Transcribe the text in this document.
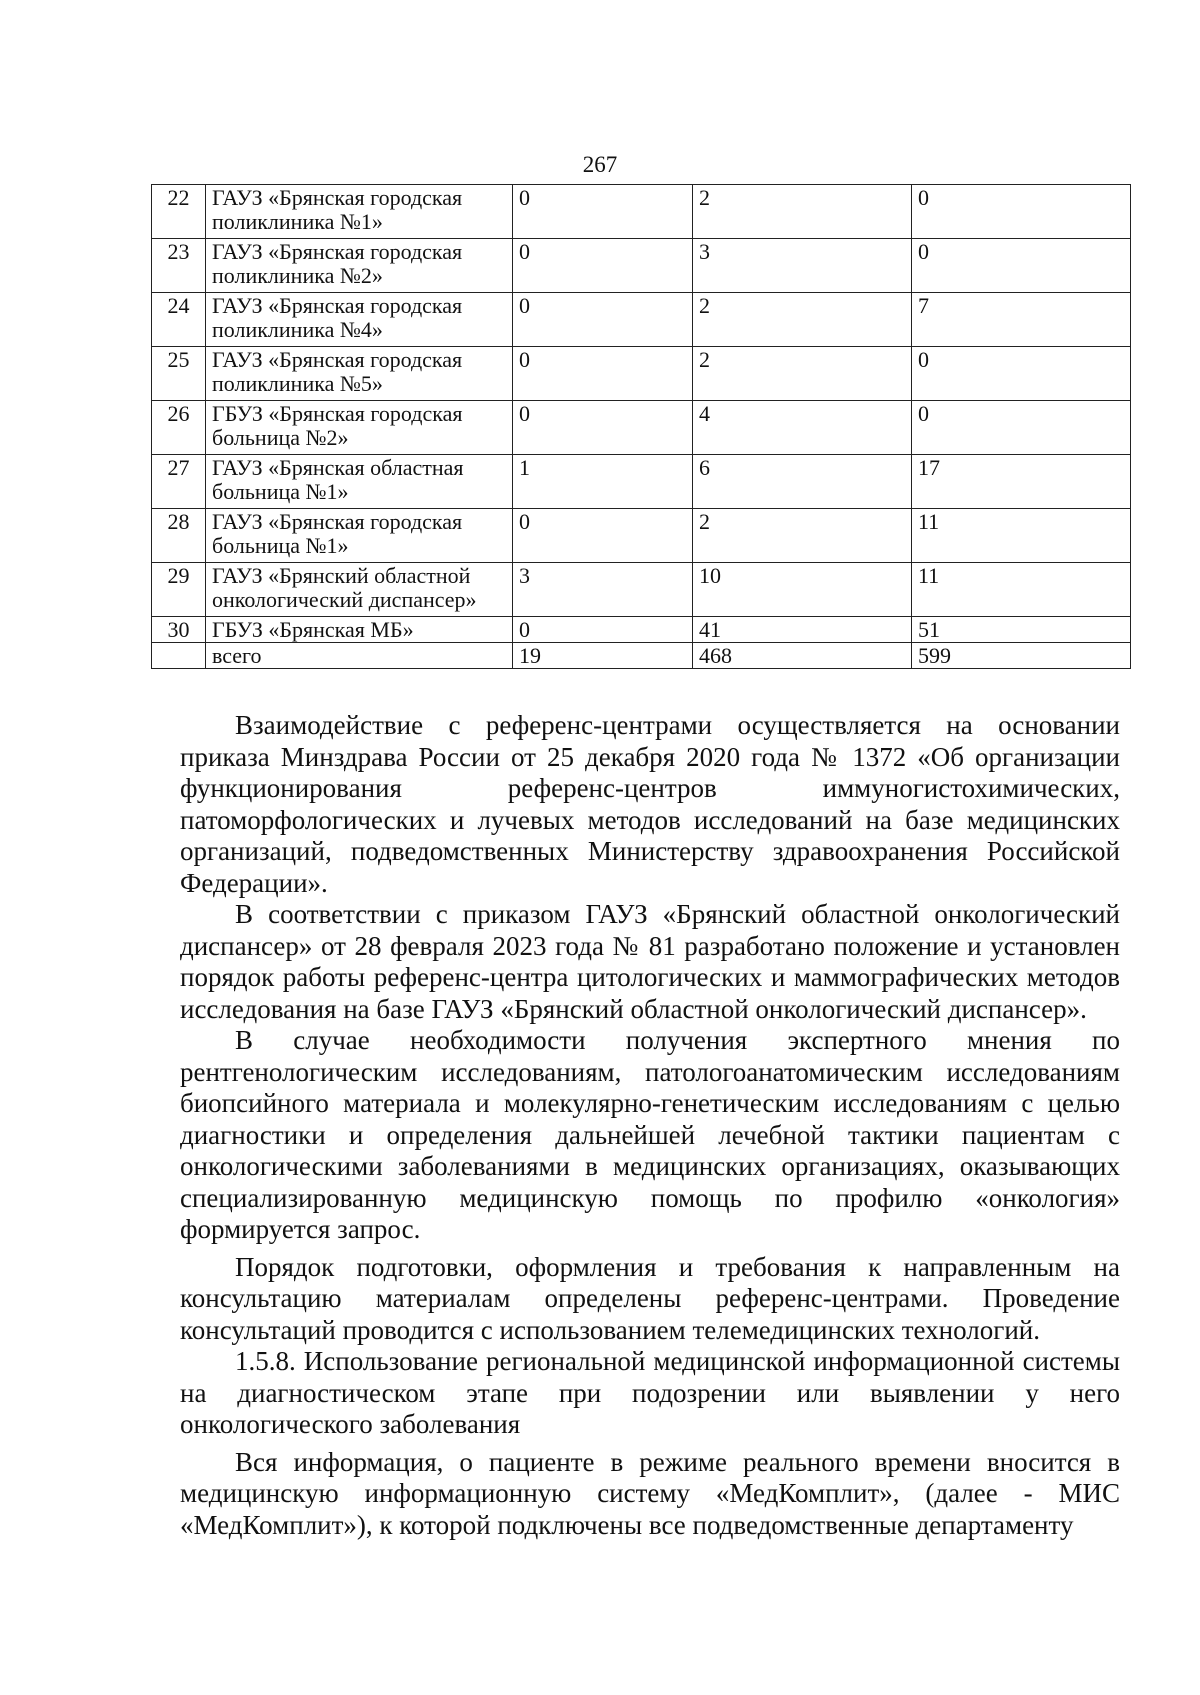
267
22	ГАУЗ «Брянская городская поликлиника №1»	0	2	0
23	ГАУЗ «Брянская городская поликлиника №2»	0	3	0
24	ГАУЗ «Брянская городская поликлиника №4»	0	2	7
25	ГАУЗ «Брянская городская поликлиника №5»	0	2	0
26	ГБУЗ «Брянская городская больница №2»	0	4	0
27	ГАУЗ «Брянская областная больница №1»	1	6	17
28	ГАУЗ «Брянская городская больница №1»	0	2	11
29	ГАУЗ «Брянский областной онкологический диспансер»	3	10	11
30	ГБУЗ «Брянская МБ»	0	41	51
	всего	19	468	599

Взаимодействие с референс-центрами осуществляется на основании приказа Минздрава России от 25 декабря 2020 года № 1372 «Об организации функционирования референс-центров иммуногистохимических, патоморфологических и лучевых методов исследований на базе медицинских организаций, подведомственных Министерству здравоохранения Российской Федерации».

В соответствии с приказом ГАУЗ «Брянский областной онкологический диспансер» от 28 февраля 2023 года № 81 разработано положение и установлен порядок работы референс-центра цитологических и маммографических методов исследования на базе ГАУЗ «Брянский областной онкологический диспансер».

В случае необходимости получения экспертного мнения по рентгенологическим исследованиям, патологоанатомическим исследованиям биопсийного материала и молекулярно-генетическим исследованиям с целью диагностики и определения дальнейшей лечебной тактики пациентам с онкологическими заболеваниями в медицинских организациях, оказывающих специализированную медицинскую помощь по профилю «онкология» формируется запрос.

Порядок подготовки, оформления и требования к направленным на консультацию материалам определены референс-центрами. Проведение консультаций проводится с использованием телемедицинских технологий.

1.5.8. Использование региональной медицинской информационной системы на диагностическом этапе при подозрении или выявлении у него онкологического заболевания

Вся информация, о пациенте в режиме реального времени вносится в медицинскую информационную систему «МедКомплит», (далее - МИС «МедКомплит»), к которой подключены все подведомственные департаменту
